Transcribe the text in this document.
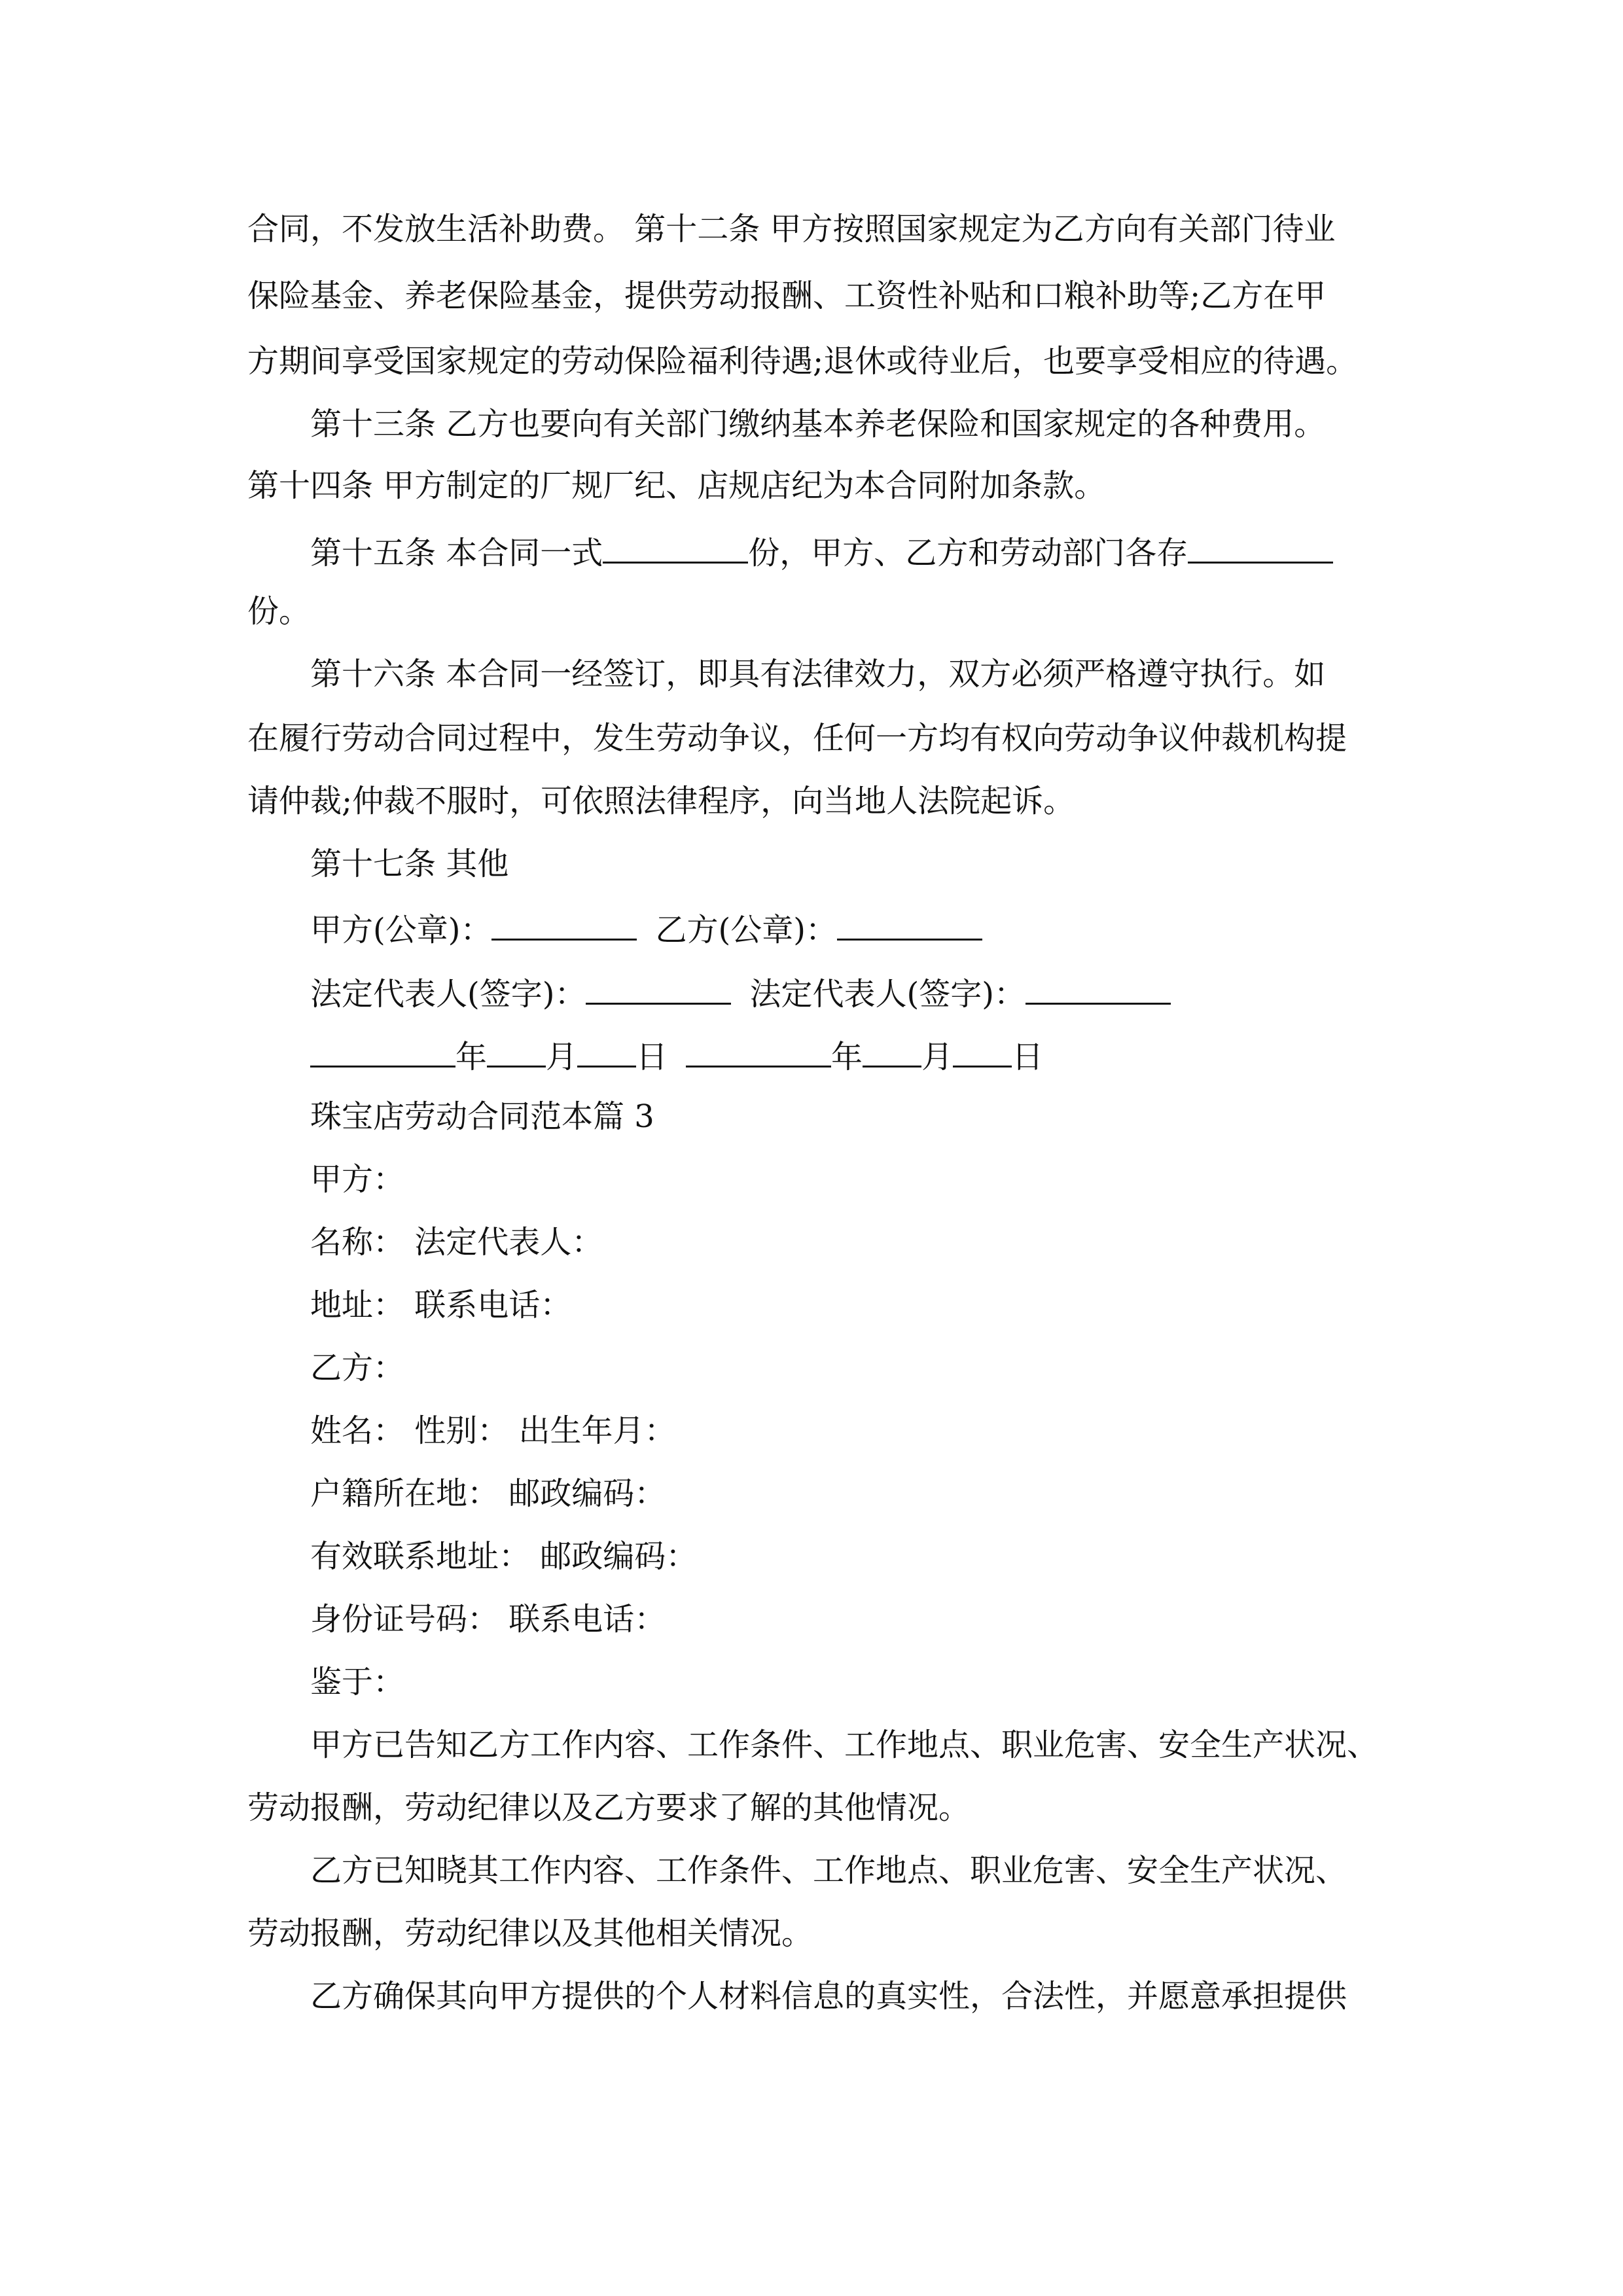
合同，不发放生活补助费。 第十二条 甲方按照国家规定为乙方向有关部门待业
保险基金、养老保险基金，提供劳动报酬、工资性补贴和口粮补助等;乙方在甲
方期间享受国家规定的劳动保险福利待遇;退休或待业后，也要享受相应的待遇。
第十三条 乙方也要向有关部门缴纳基本养老保险和国家规定的各种费用。
第十四条 甲方制定的厂规厂纪、店规店纪为本合同附加条款。
第十五条 本合同一式	份，甲方、乙方和劳动部门各存
份。
第十六条 本合同一经签订，即具有法律效力，双方必须严格遵守执行。如
在履行劳动合同过程中，发生劳动争议，任何一方均有权向劳动争议仲裁机构提
请仲裁;仲裁不服时，可依照法律程序，向当地人法院起诉。
第十七条 其他
甲方(公章)：	乙方(公章)：
法定代表人(签字)：	法定代表人(签字)：
年 月 日	年 月 日
珠宝店劳动合同范本篇 3
甲方：
名称： 法定代表人：
地址： 联系电话：
乙方：
姓名： 性别： 出生年月：
户籍所在地： 邮政编码：
有效联系地址： 邮政编码：
身份证号码： 联系电话：
鉴于：
甲方已告知乙方工作内容、工作条件、工作地点、职业危害、安全生产状况、
劳动报酬，劳动纪律以及乙方要求了解的其他情况。
乙方已知晓其工作内容、工作条件、工作地点、职业危害、安全生产状况、
劳动报酬，劳动纪律以及其他相关情况。
乙方确保其向甲方提供的个人材料信息的真实性，合法性，并愿意承担提供
